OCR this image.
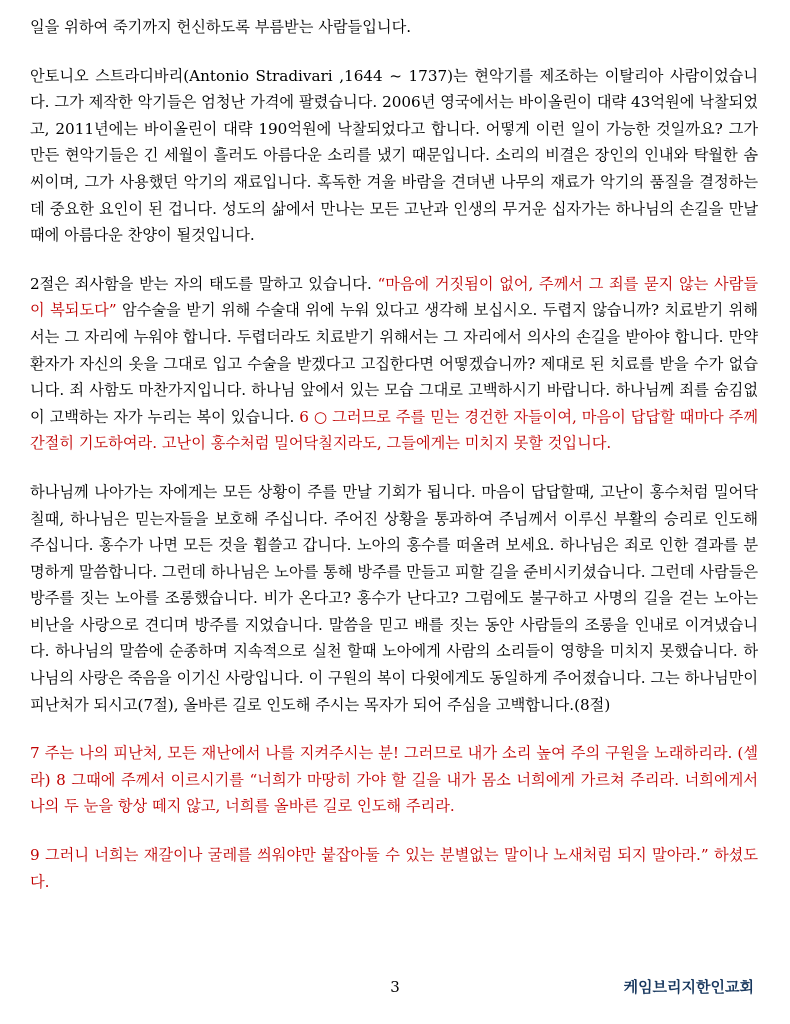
일을 위하여 죽기까지 헌신하도록 부름받는 사람들입니다.

안토니오 스트라디바리(Antonio Stradivari ,1644 ~ 1737)는 현악기를 제조하는 이탈리아 사람이었습니다. 그가 제작한 악기들은 엄청난 가격에 팔렸습니다. 2006년 영국에서는 바이올린이 대략 43억원에 낙찰되었고, 2011년에는 바이올린이 대략 190억원에 낙찰되었다고 합니다. 어떻게 이런 일이 가능한 것일까요? 그가 만든 현악기들은 긴 세월이 흘러도 아름다운 소리를 냈기 때문입니다. 소리의 비결은 장인의 인내와 탁월한 솜씨이며, 그가 사용했던 악기의 재료입니다. 혹독한 겨울 바람을 견뎌낸 나무의 재료가 악기의 품질을 결정하는데 중요한 요인이 된 겁니다. 성도의 삶에서 만나는 모든 고난과 인생의 무거운 십자가는 하나님의 손길을 만날때에 아름다운 찬양이 될것입니다.

2절은 죄사함을 받는 자의 태도를 말하고 있습니다. “마음에 거짓됨이 없어, 주께서 그 죄를 묻지 않는 사람들이 복되도다” 암수술을 받기 위해 수술대 위에 누워 있다고 생각해 보십시오. 두렵지 않습니까? 치료받기 위해서는 그 자리에 누워야 합니다. 두렵더라도 치료받기 위해서는 그 자리에서 의사의 손길을 받아야 합니다. 만약 환자가 자신의 옷을 그대로 입고 수술을 받겠다고 고집한다면 어떻겠습니까? 제대로 된 치료를 받을 수가 없습니다. 죄 사함도 마찬가지입니다. 하나님 앞에서 있는 모습 그대로 고백하시기 바랍니다. 하나님께 죄를 숨김없이 고백하는 자가 누리는 복이 있습니다. 6 ○ 그러므로 주를 믿는 경건한 자들이여, 마음이 답답할 때마다 주께 간절히 기도하여라. 고난이 홍수처럼 밀어닥칠지라도, 그들에게는 미치지 못할 것입니다.

하나님께 나아가는 자에게는 모든 상황이 주를 만날 기회가 됩니다. 마음이 답답할때, 고난이 홍수처럼 밀어닥칠때, 하나님은 믿는자들을 보호해 주십니다. 주어진 상황을 통과하여 주님께서 이루신 부활의 승리로 인도해 주십니다. 홍수가 나면 모든 것을 휩쓸고 갑니다. 노아의 홍수를 떠올려 보세요. 하나님은 죄로 인한 결과를 분명하게 말씀합니다. 그런데 하나님은 노아를 통해 방주를 만들고 피할 길을 준비시키셨습니다. 그런데 사람들은 방주를 짓는 노아를 조롱했습니다. 비가 온다고? 홍수가 난다고? 그럼에도 불구하고 사명의 길을 걷는 노아는 비난을 사랑으로 견디며 방주를 지었습니다. 말씀을 믿고 배를 짓는 동안 사람들의 조롱을 인내로 이겨냈습니다. 하나님의 말씀에 순종하며 지속적으로 실천 할때 노아에게 사람의 소리들이 영향을 미치지 못했습니다. 하나님의 사랑은 죽음을 이기신 사랑입니다. 이 구원의 복이 다윗에게도 동일하게 주어졌습니다. 그는 하나님만이 피난처가 되시고(7절), 올바른 길로 인도해 주시는 목자가 되어 주심을 고백합니다.(8절)

7 주는 나의 피난처, 모든 재난에서 나를 지켜주시는 분! 그러므로 내가 소리 높여 주의 구원을 노래하리라. (셀라) 8 그때에 주께서 이르시기를 “너희가 마땅히 가야 할 길을 내가 몸소 너희에게 가르쳐 주리라. 너희에게서 나의 두 눈을 항상 떼지 않고, 너희를 올바른 길로 인도해 주리라.

9 그러니 너희는 재갈이나 굴레를 씌워야만 붙잡아둘 수 있는 분별없는 말이나 노새처럼 되지 말아라.” 하셨도다.

3	케임브리지한인교회
